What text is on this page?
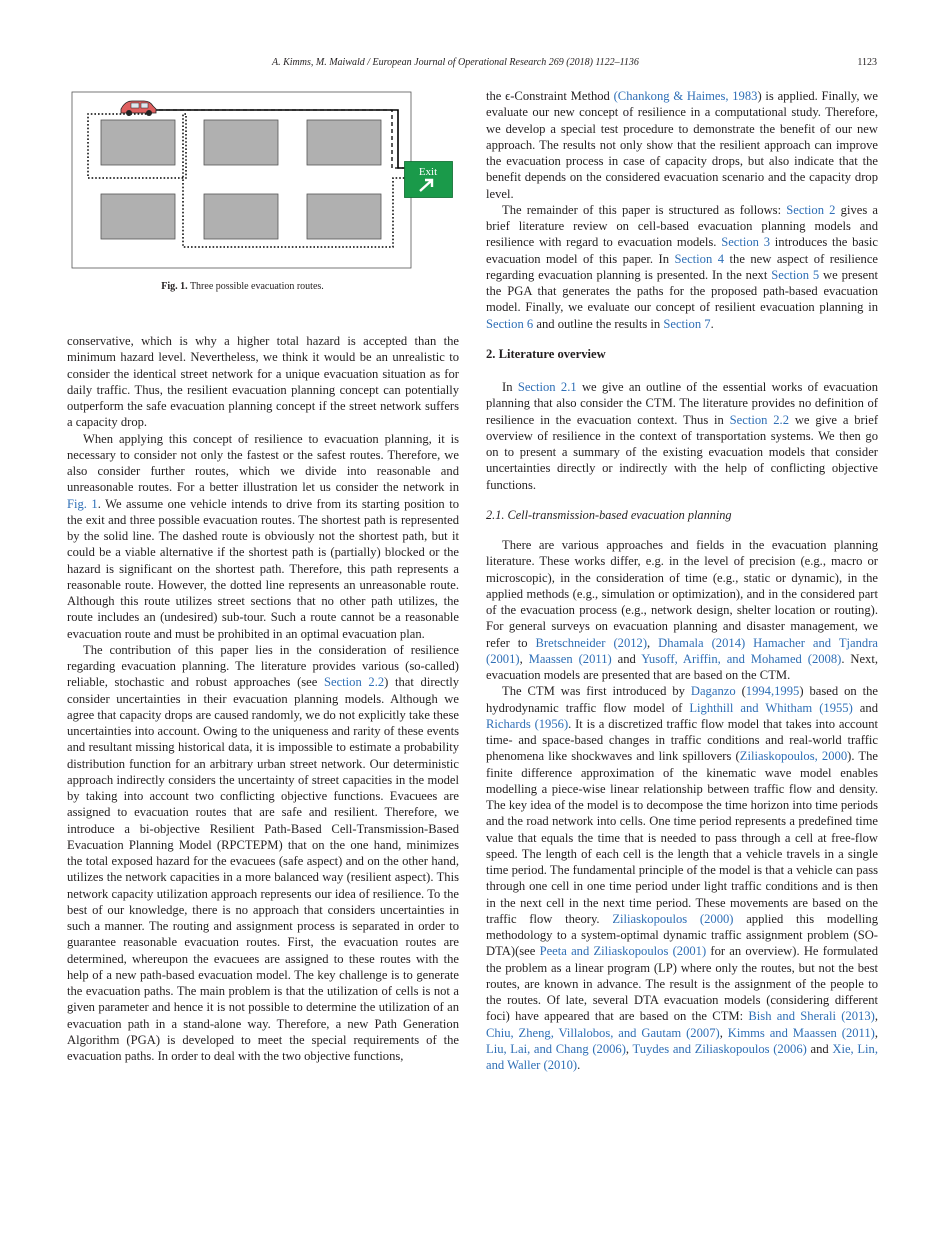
A. Kimms, M. Maiwald / European Journal of Operational Research 269 (2018) 1122–1136	1123
Exit
Fig. 1. Three possible evacuation routes.

conservative, which is why a higher total hazard is accepted than the minimum hazard level. Nevertheless, we think it would be an unrealistic to consider the identical street network for a unique evacuation situation as for daily traffic. Thus, the resilient evacuation planning concept can potentially outperform the safe evacuation planning concept if the street network suffers a capacity drop.

When applying this concept of resilience to evacuation planning, it is necessary to consider not only the fastest or the safest routes. Therefore, we also consider further routes, which we divide into reasonable and unreasonable routes. For a better illustration let us consider the network in Fig. 1. We assume one vehicle intends to drive from its starting position to the exit and three possible evacuation routes. The shortest path is represented by the solid line. The dashed route is obviously not the shortest path, but it could be a viable alternative if the shortest path is (partially) blocked or the hazard is significant on the shortest path. Therefore, this path represents a reasonable route. However, the dotted line represents an unreasonable route. Although this route utilizes street sections that no other path utilizes, the route includes an (undesired) sub-tour. Such a route cannot be a reasonable evacuation route and must be prohibited in an optimal evacuation plan.

The contribution of this paper lies in the consideration of resilience regarding evacuation planning. The literature provides various (so-called) reliable, stochastic and robust approaches (see Section 2.2) that directly consider uncertainties in their evacuation planning models. Although we agree that capacity drops are caused randomly, we do not explicitly take these uncertainties into account. Owing to the uniqueness and rarity of these events and resultant missing historical data, it is impossible to estimate a probability distribution function for an arbitrary urban street network. Our deterministic approach indirectly considers the uncertainty of street capacities in the model by taking into account two conflicting objective functions. Evacuees are assigned to evacuation routes that are safe and resilient. Therefore, we introduce a bi-objective Resilient Path-Based Cell-Transmission-Based Evacuation Planning Model (RPCTEPM) that on the one hand, minimizes the total exposed hazard for the evacuees (safe aspect) and on the other hand, utilizes the network capacities in a more balanced way (resilient aspect). This network capacity utilization approach represents our idea of resilience. To the best of our knowledge, there is no approach that considers uncertainties in such a manner. The routing and assignment process is separated in order to guarantee reasonable evacuation routes. First, the evacuation routes are determined, whereupon the evacuees are assigned to these routes with the help of a new path-based evacuation model. The key challenge is to generate the evacuation paths. The main problem is that the utilization of cells is not a given parameter and hence it is not possible to determine the utilization of an evacuation path in a stand-alone way. Therefore, a new Path Generation Algorithm (PGA) is developed to meet the special requirements of the evacuation paths. In order to deal with the two objective functions,

the ϵ-Constraint Method (Chankong & Haimes, 1983) is applied. Finally, we evaluate our new concept of resilience in a computational study. Therefore, we develop a special test procedure to demonstrate the benefit of our new approach. The results not only show that the resilient approach can improve the evacuation process in case of capacity drops, but also indicate that the benefit depends on the considered evacuation scenario and the capacity drop level.

The remainder of this paper is structured as follows: Section 2 gives a brief literature review on cell-based evacuation planning models and resilience with regard to evacuation models. Section 3 introduces the basic evacuation model of this paper. In Section 4 the new aspect of resilience regarding evacuation planning is presented. In the next Section 5 we present the PGA that generates the paths for the proposed path-based evacuation model. Finally, we evaluate our concept of resilient evacuation planning in Section 6 and outline the results in Section 7.

2. Literature overview

In Section 2.1 we give an outline of the essential works of evacuation planning that also consider the CTM. The literature provides no definition of resilience in the evacuation context. Thus in Section 2.2 we give a brief overview of resilience in the context of transportation systems. We then go on to present a summary of the existing evacuation models that consider uncertainties directly or indirectly with the help of conflicting objective functions.

2.1. Cell-transmission-based evacuation planning

There are various approaches and fields in the evacuation planning literature. These works differ, e.g. in the level of precision (e.g., macro or microscopic), in the consideration of time (e.g., static or dynamic), in the applied methods (e.g., simulation or optimization), and in the considered part of the evacuation process (e.g., network design, shelter location or routing). For general surveys on evacuation planning and disaster management, we refer to Bretschneider (2012), Dhamala (2014) Hamacher and Tjandra (2001), Maassen (2011) and Yusoff, Ariffin, and Mohamed (2008). Next, evacuation models are presented that are based on the CTM.

The CTM was first introduced by Daganzo (1994,1995) based on the hydrodynamic traffic flow model of Lighthill and Whitham (1955) and Richards (1956). It is a discretized traffic flow model that takes into account time- and space-based changes in traffic conditions and real-world traffic phenomena like shockwaves and link spillovers (Ziliaskopoulos, 2000). The finite difference approximation of the kinematic wave model enables modelling a piece-wise linear relationship between traffic flow and density. The key idea of the model is to decompose the time horizon into time periods and the road network into cells. One time period represents a predefined time value that equals the time that is needed to pass through a cell at free-flow speed. The length of each cell is the length that a vehicle travels in a single time period. The fundamental principle of the model is that a vehicle can pass through one cell in one time period under light traffic conditions and is then in the next cell in the next time period. These movements are based on the traffic flow theory. Ziliaskopoulos (2000) applied this modelling methodology to a system-optimal dynamic traffic assignment problem (SO-DTA)(see Peeta and Ziliaskopoulos (2001) for an overview). He formulated the problem as a linear program (LP) where only the routes, but not the best routes, are known in advance. The result is the assignment of the people to the routes. Of late, several DTA evacuation models (considering different foci) have appeared that are based on the CTM: Bish and Sherali (2013), Chiu, Zheng, Villalobos, and Gautam (2007), Kimms and Maassen (2011), Liu, Lai, and Chang (2006), Tuydes and Ziliaskopoulos (2006) and Xie, Lin, and Waller (2010).
